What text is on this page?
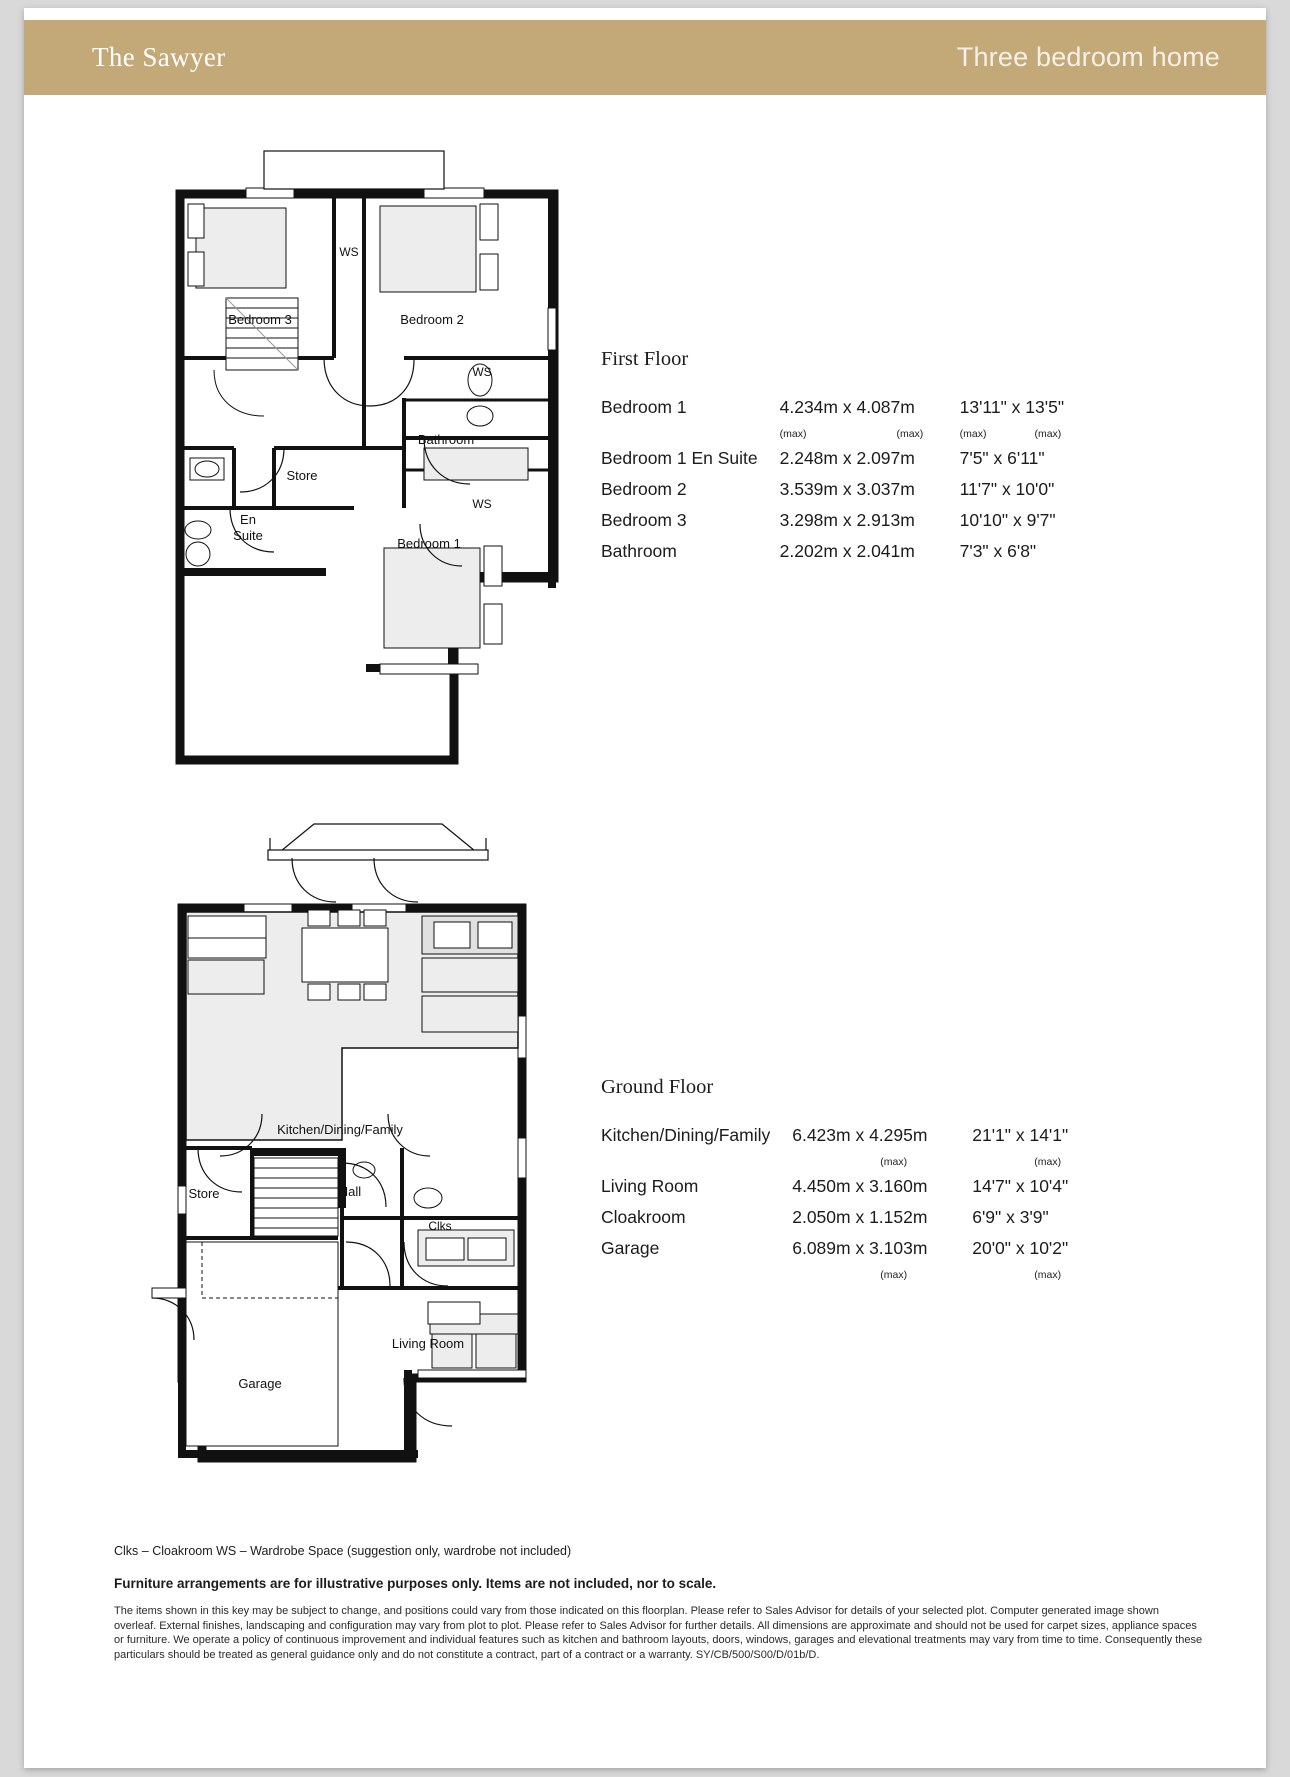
The Sawyer	Three bedroom home
Bedroom 3	Bedroom 2
Bedroom 1
Bathroom
Store
En
Suite
WS
WS
WS
First Floor
Bedroom 1	4.234m x 4.087m	13'11" x 13'5"
	(max) (max)	(max) (max)
Bedroom 1 En Suite	2.248m x 2.097m	7'5" x 6'11"
Bedroom 2	3.539m x 3.037m	11'7" x 10'0"
Bedroom 3	3.298m x 2.913m	10'10" x 9'7"
Bathroom	2.202m x 2.041m	7'3" x 6'8"
Kitchen/Dining/Family
Hall
Store
Clks
Living Room
Garage
Ground Floor
Kitchen/Dining/Family	6.423m x 4.295m	21'1" x 14'1"
	(max)	(max)
Living Room	4.450m x 3.160m	14'7" x 10'4"
Cloakroom	2.050m x 1.152m	6'9" x 3'9"
Garage	6.089m x 3.103m	20'0" x 10'2"
	(max)	(max)
Clks – Cloakroom WS – Wardrobe Space (suggestion only, wardrobe not included)
Furniture arrangements are for illustrative purposes only. Items are not included, nor to scale.
The items shown in this key may be subject to change, and positions could vary from those indicated on this floorplan. Please refer to Sales Advisor for details of your selected plot. Computer generated image shown overleaf. External finishes, landscaping and configuration may vary from plot to plot. Please refer to Sales Advisor for further details. All dimensions are approximate and should not be used for carpet sizes, appliance spaces or furniture. We operate a policy of continuous improvement and individual features such as kitchen and bathroom layouts, doors, windows, garages and elevational treatments may vary from time to time. Consequently these particulars should be treated as general guidance only and do not constitute a contract, part of a contract or a warranty. SY/CB/500/S00/D/01b/D.
